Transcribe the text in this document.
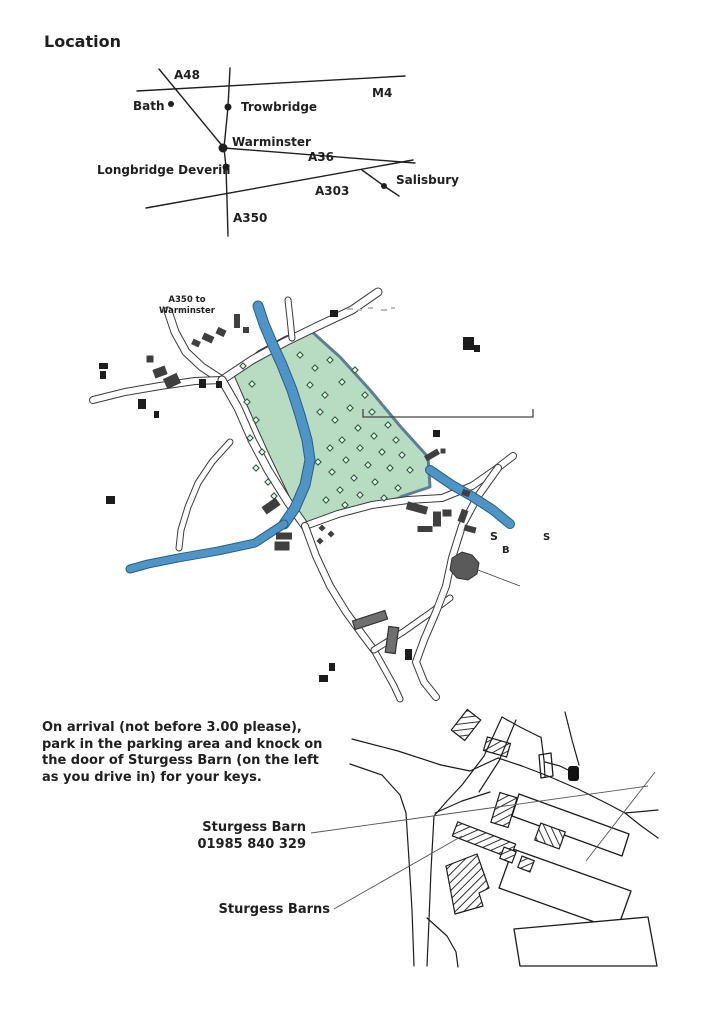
Location
A48
M4
Bath	Trowbridge
Warminster
A36
Longbridge Deverill
A303
Salisbury
A350
S
B
S
A350 to
Warminster
On arrival (not before 3.00 please),
park in the parking area and knock on
the door of Sturgess Barn (on the left
as you drive in) for your keys.
Sturgess Barn
01985 840 329
Sturgess Barns
